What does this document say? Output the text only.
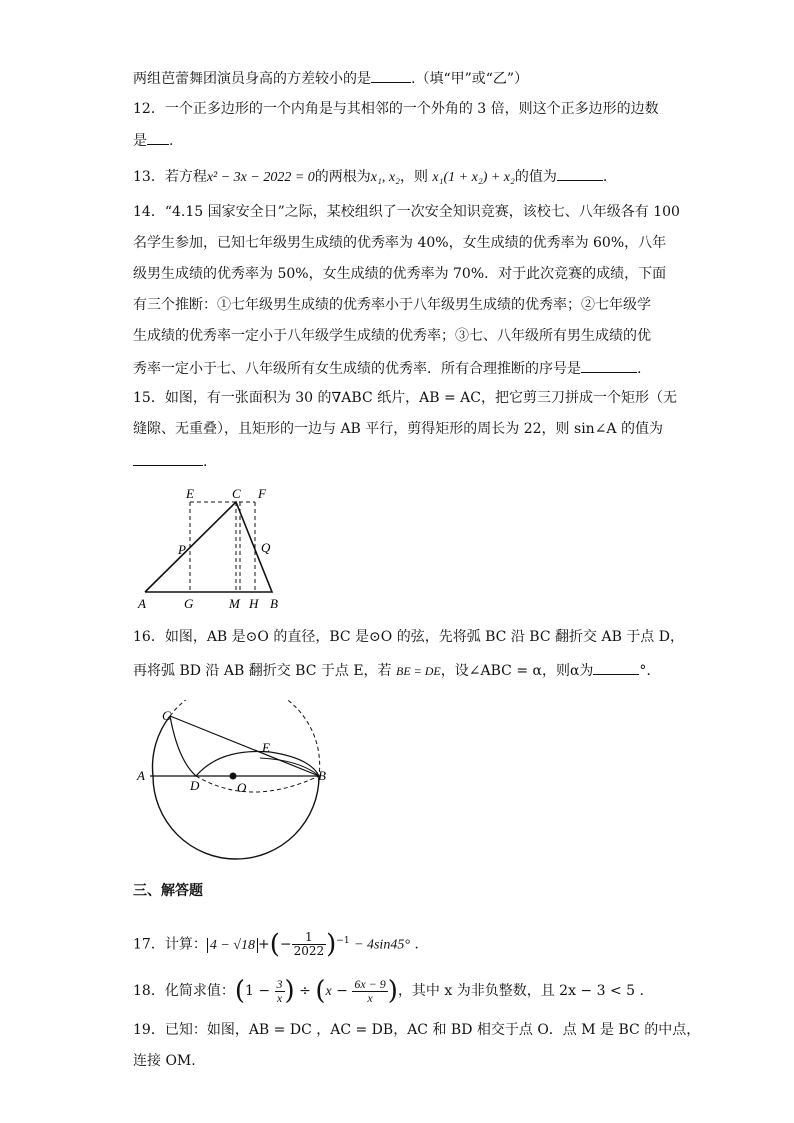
两组芭蕾舞团演员身高的方差较小的是	.（填“甲”或“乙”）
12．一个正多边形的一个内角是与其相邻的一个外角的 3 倍，则这个正多边形的边数
是 .
13．若方程x² − 3x − 2022 = 0的两根为x₁, x₂，则 x₁(1 + x₂) + x₂的值为	.
14．“4.15 国家安全日”之际，某校组织了一次安全知识竞赛，该校七、八年级各有 100
名学生参加，已知七年级男生成绩的优秀率为 40%，女生成绩的优秀率为 60%，八年
级男生成绩的优秀率为 50%，女生成绩的优秀率为 70%．对于此次竞赛的成绩，下面
有三个推断：①七年级男生成绩的优秀率小于八年级男生成绩的优秀率；②七年级学
生成绩的优秀率一定小于八年级学生成绩的优秀率；③七、八年级所有男生成绩的优
秀率一定小于七、八年级所有女生成绩的优秀率．所有合理推断的序号是	.
15．如图，有一张面积为 30 的∇ABC 纸片，AB = AC，把它剪三刀拼成一个矩形（无
缝隙、无重叠），且矩形的一边与 AB 平行，剪得矩形的周长为 22，则 sin∠A 的值为
.
E	C F
P	Q
A	G	M H B
16．如图，AB 是⊙O 的直径，BC 是⊙O 的弦，先将弧 BC 沿 BC 翻折交 AB 于点 D，
再将弧 BD 沿 AB 翻折交 BC 于点 E，若 BE = DE，设∠ABC = α，则α为	°.
C
E
A
D	O
B
三、解答题
17．计算： 4 − √18 +(− $\frac{1}{2022} )^{-1} - 4\sin 45^\circ$ .
18．化简求值：($1 - \frac{3}{x}$ ) ÷ ($x - \frac{6x - 9}{x}$ )，其中 x 为非负整数，且 2x − 3 < 5 .
19．已知：如图，AB = DC ，AC = DB，AC 和 BD 相交于点 O．点 M 是 BC 的中点，
连接 OM.
